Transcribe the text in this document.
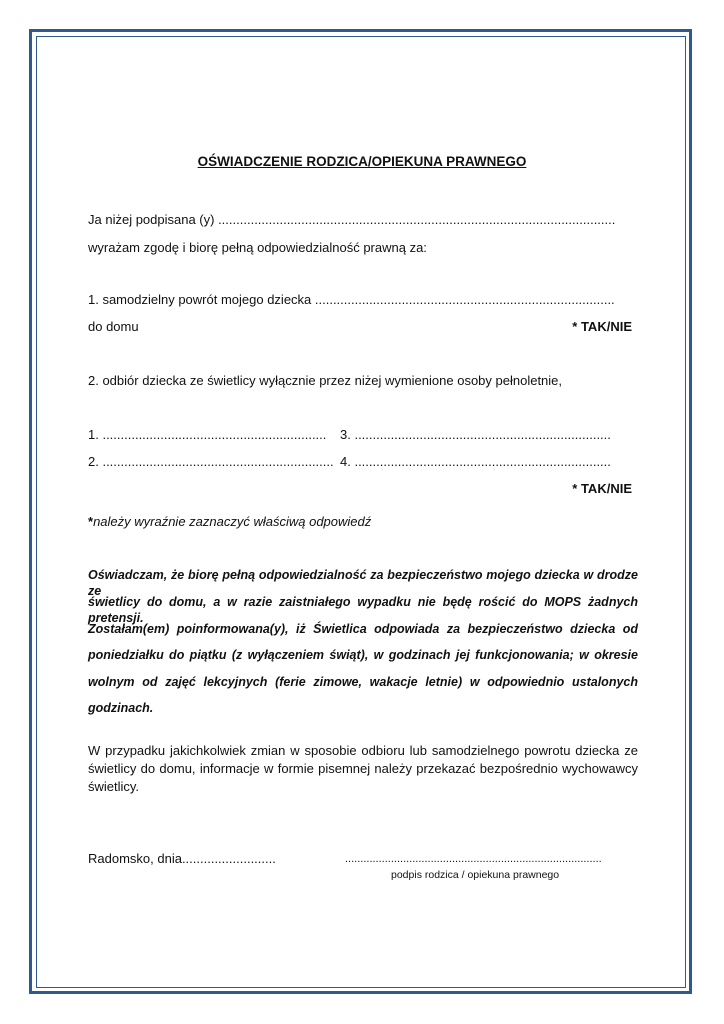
OŚWIADCZENIE RODZICA/OPIEKUNA PRAWNEGO
Ja niżej podpisana (y) ..............................................................................................................
wyrażam zgodę i biorę pełną odpowiedzialność prawną za:
1. samodzielny powrót mojego dziecka ...................................................................................
do domu	* TAK/NIE
2. odbiór dziecka ze świetlicy wyłącznie przez niżej wymienione osoby pełnoletnie,
1. .............................................................. 3. .......................................................................
2. ................................................................ 4. .......................................................................
* TAK/NIE
*należy wyraźnie zaznaczyć właściwą odpowiedź
Oświadczam, że biorę pełną odpowiedzialność za bezpieczeństwo mojego dziecka w drodze ze
świetlicy do domu, a w razie zaistniałego wypadku nie będę rościć do MOPS żadnych pretensji.
Zostałam(em) poinformowana(y), iż Świetlica odpowiada za bezpieczeństwo dziecka od
poniedziałku do piątku (z wyłączeniem świąt), w godzinach jej funkcjonowania; w okresie
wolnym od zajęć lekcyjnych (ferie zimowe, wakacje letnie) w odpowiednio ustalonych
godzinach.
W przypadku jakichkolwiek zmian w sposobie odbioru lub samodzielnego powrotu dziecka ze świetlicy do domu, informacje w formie pisemnej należy przekazać bezpośrednio wychowawcy świetlicy.
Radomsko, dnia..........................	....................................................................................
podpis rodzica / opiekuna prawnego
